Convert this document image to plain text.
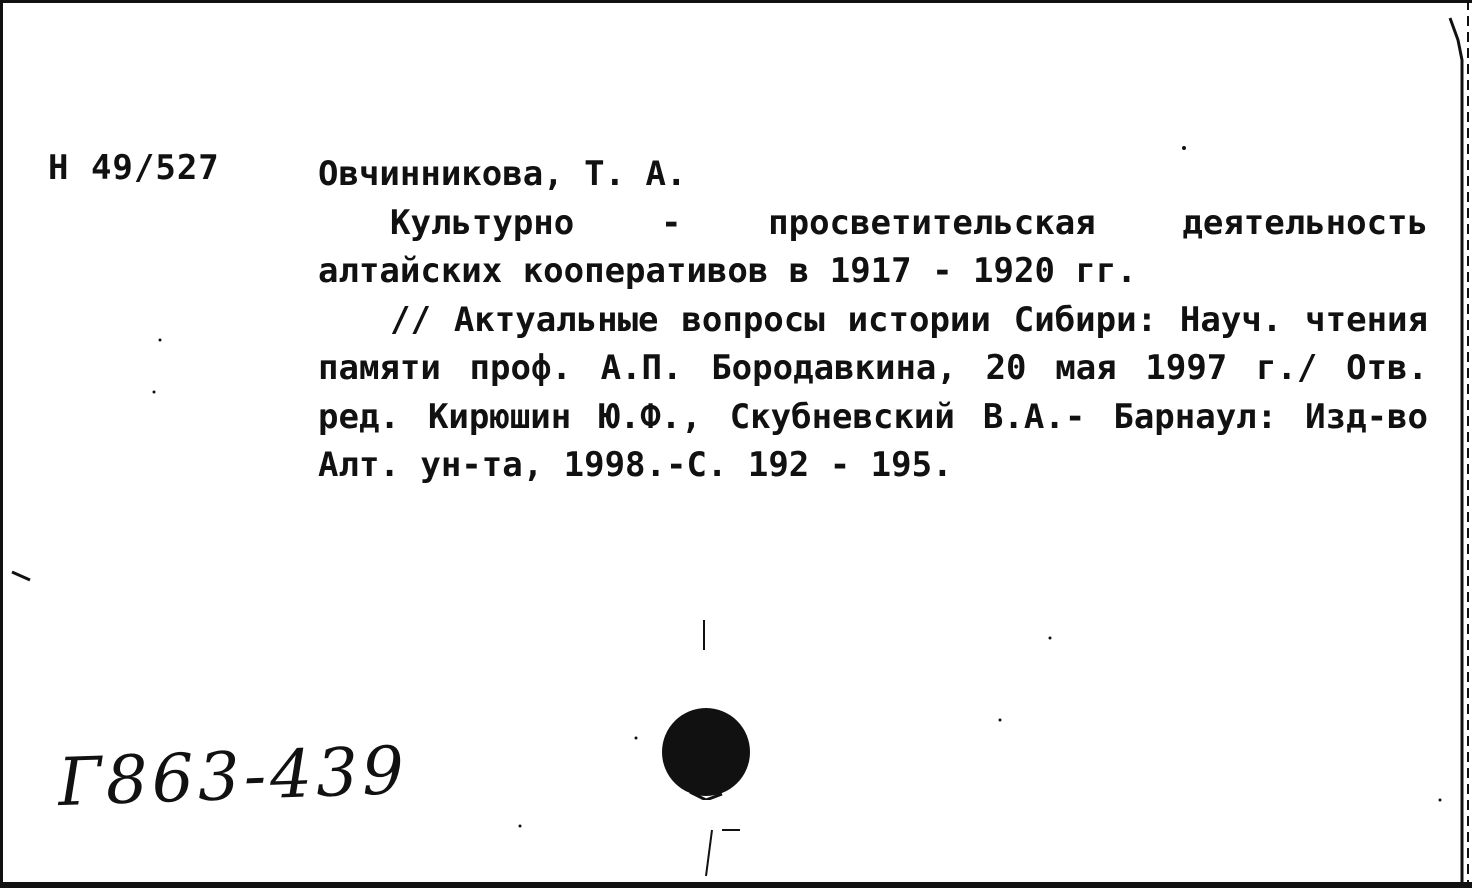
Н 49/527	Овчинникова, Т. А.

Культурно - просветительская деятельность алтайских кооперативов в 1917 - 1920 гг.

// Актуальные вопросы истории Сибири: Науч. чтения памяти проф. А.П. Бородавкина, 20 мая 1997 г./ Отв. ред. Кирюшин Ю.Ф., Скубневский В.А.- Барнаул: Изд-во Алт. ун-та, 1998.-С. 192 - 195.

Г863-439
